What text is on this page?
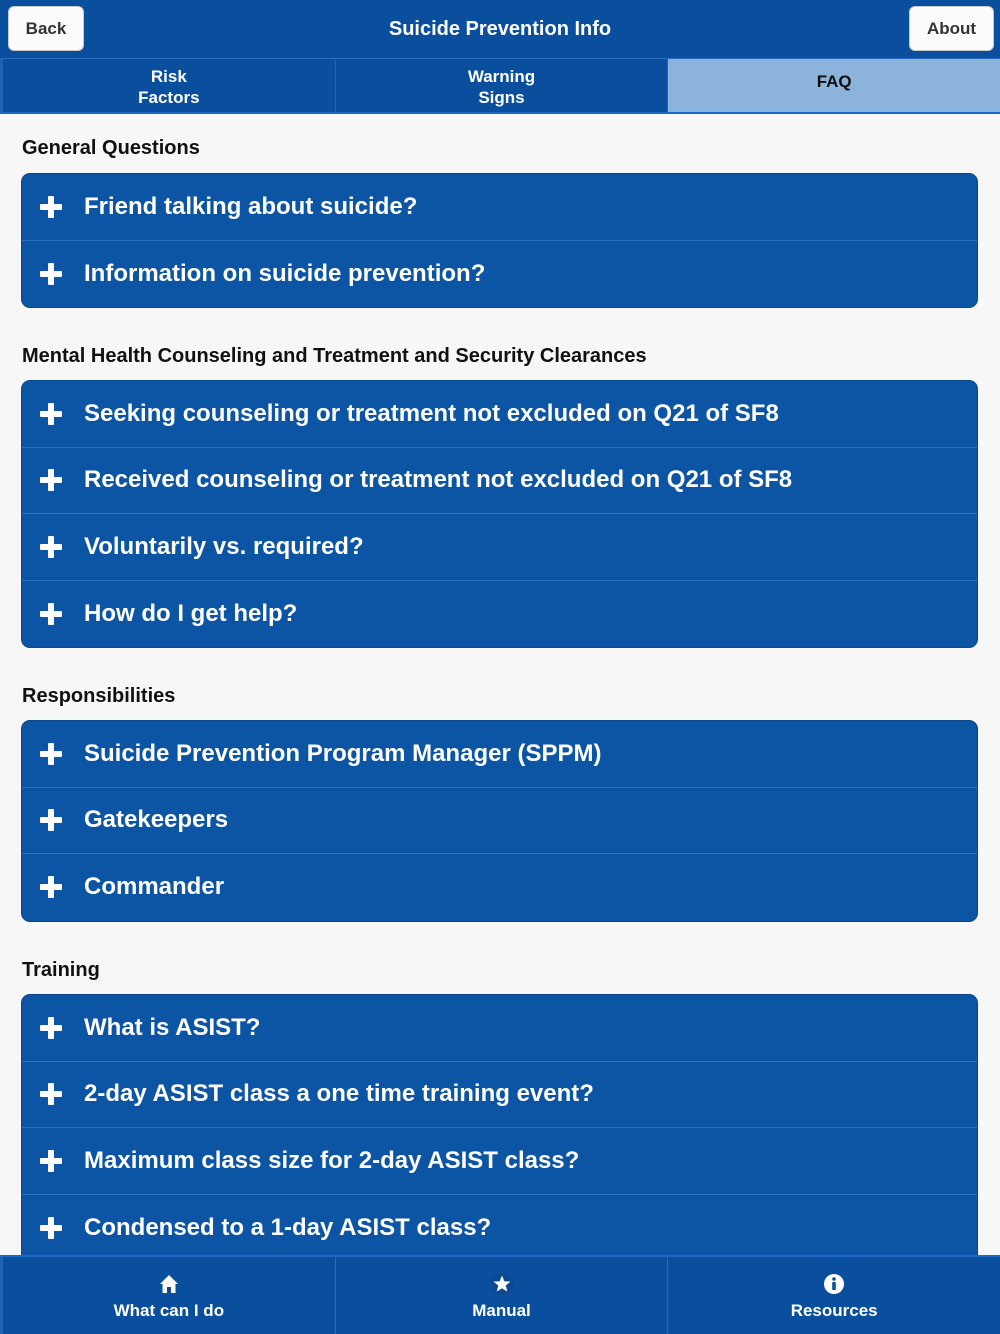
Back	Suicide Prevention Info	About
Risk
Factors
Warning
Signs
FAQ
General Questions
Friend talking about suicide?
Information on suicide prevention?
Mental Health Counseling and Treatment and Security Clearances
Seeking counseling or treatment not excluded on Q21 of SF8
Received counseling or treatment not excluded on Q21 of SF8
Voluntarily vs. required?
How do I get help?
Responsibilities
Suicide Prevention Program Manager (SPPM)
Gatekeepers
Commander
Training
What is ASIST?
2-day ASIST class a one time training event?
Maximum class size for 2-day ASIST class?
Condensed to a 1-day ASIST class?
What can I do	Manual	Resources
